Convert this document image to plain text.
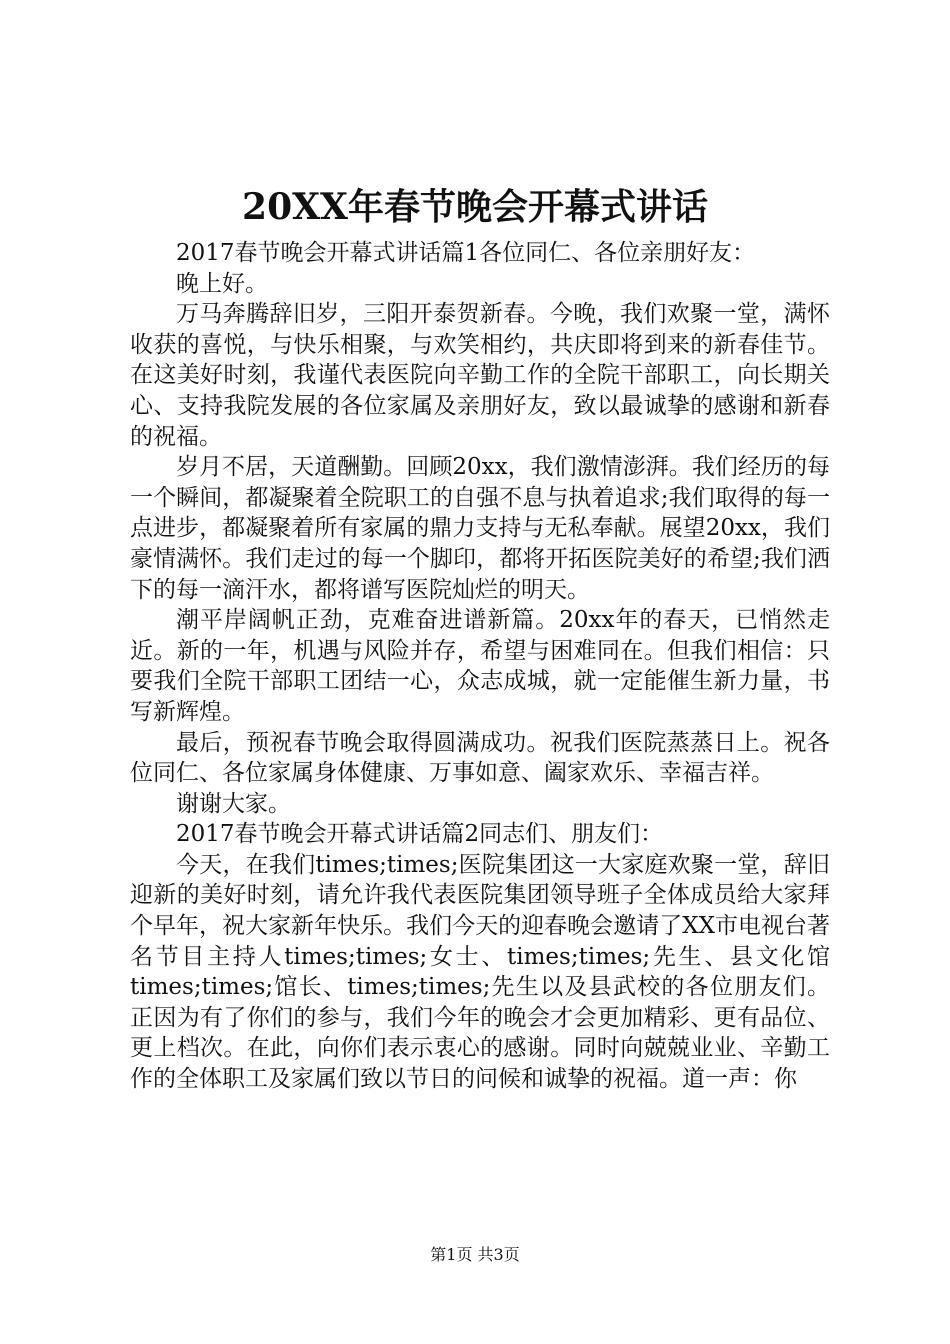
20XX年春节晚会开幕式讲话

2017春节晚会开幕式讲话篇1各位同仁、各位亲朋好友：

晚上好。

万马奔腾辞旧岁，三阳开泰贺新春。今晚，我们欢聚一堂，满怀收获的喜悦，与快乐相聚，与欢笑相约，共庆即将到来的新春佳节。在这美好时刻，我谨代表医院向辛勤工作的全院干部职工，向长期关心、支持我院发展的各位家属及亲朋好友，致以最诚挚的感谢和新春的祝福。

岁月不居，天道酬勤。回顾20xx，我们激情澎湃。我们经历的每一个瞬间，都凝聚着全院职工的自强不息与执着追求;我们取得的每一点进步，都凝聚着所有家属的鼎力支持与无私奉献。展望20xx，我们豪情满怀。我们走过的每一个脚印，都将开拓医院美好的希望;我们洒下的每一滴汗水，都将谱写医院灿烂的明天。

潮平岸阔帆正劲，克难奋进谱新篇。20xx年的春天，已悄然走近。新的一年，机遇与风险并存，希望与困难同在。但我们相信：只要我们全院干部职工团结一心，众志成城，就一定能催生新力量，书写新辉煌。

最后，预祝春节晚会取得圆满成功。祝我们医院蒸蒸日上。祝各位同仁、各位家属身体健康、万事如意、阖家欢乐、幸福吉祥。

谢谢大家。

2017春节晚会开幕式讲话篇2同志们、朋友们：

今天，在我们times;times;医院集团这一大家庭欢聚一堂，辞旧迎新的美好时刻，请允许我代表医院集团领导班子全体成员给大家拜个早年，祝大家新年快乐。我们今天的迎春晚会邀请了XX市电视台著名节目主持人times;times;女士、times;times;先生、县文化馆times;times;馆长、times;times;先生以及县武校的各位朋友们。正因为有了你们的参与，我们今年的晚会才会更加精彩、更有品位、更上档次。在此，向你们表示衷心的感谢。同时向兢兢业业、辛勤工作的全体职工及家属们致以节日的问候和诚挚的祝福。道一声：你

第1页 共3页
